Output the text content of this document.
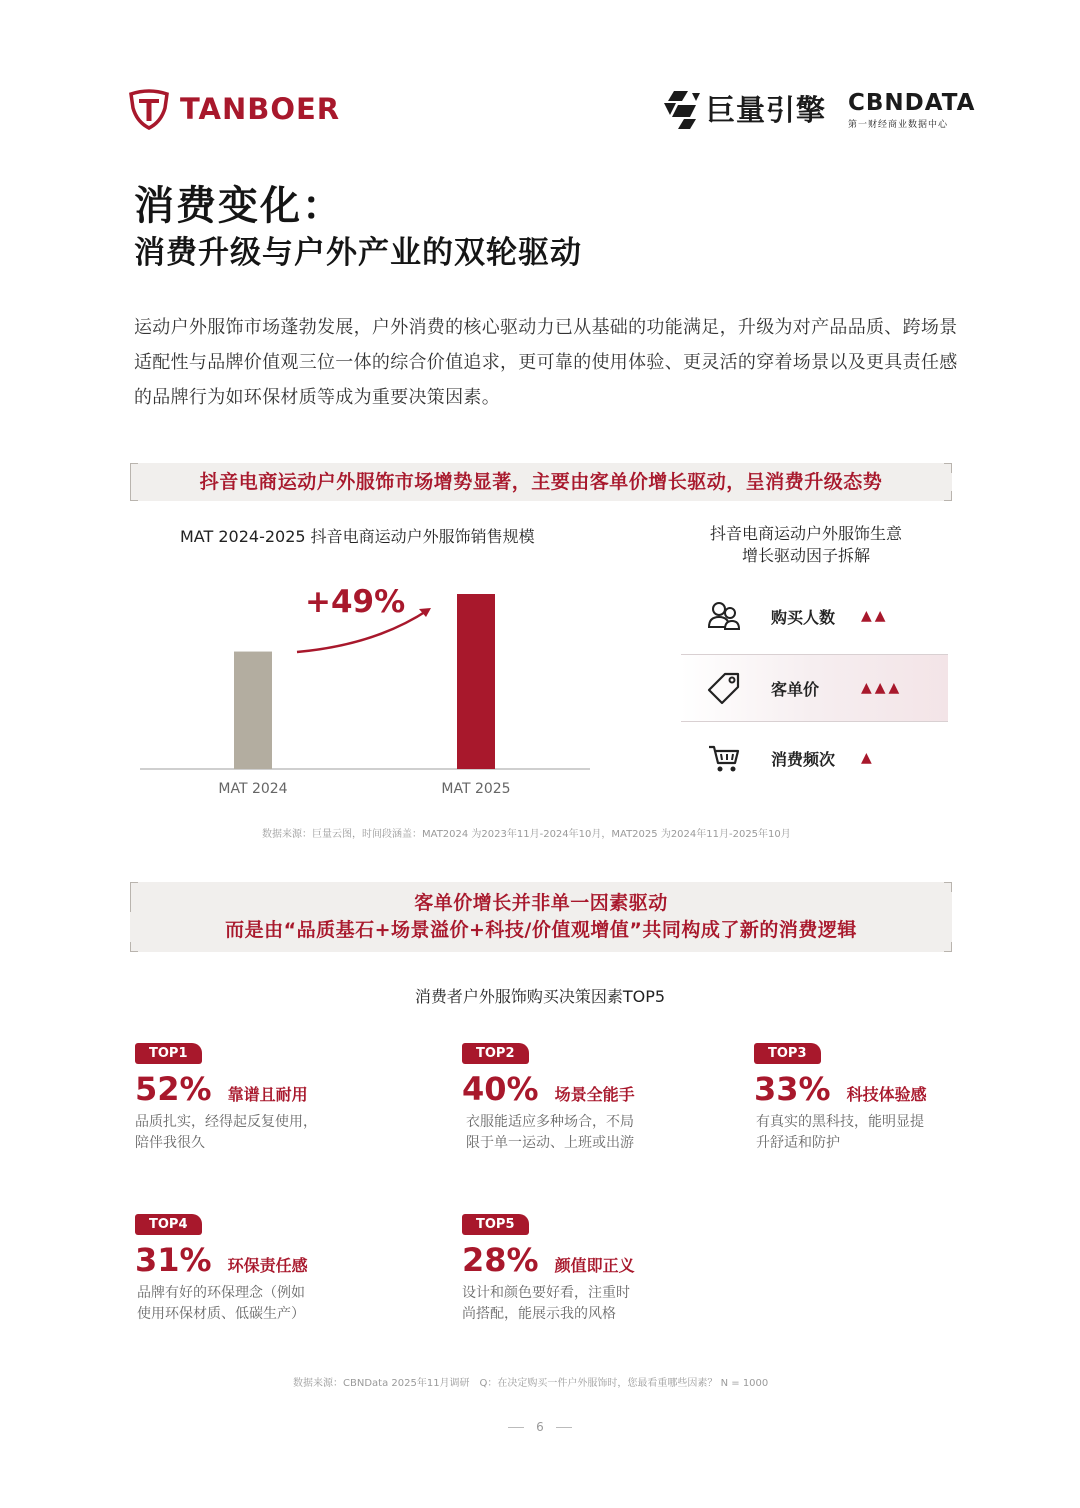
TANBOER	巨量引擎 CBNDATA
第一财经商业数据中心
消费变化：
消费升级与户外产业的双轮驱动
运动户外服饰市场蓬勃发展，户外消费的核心驱动力已从基础的功能满足，升级为对产品品质、跨场景适配性与品牌价值观三位一体的综合价值追求，更可靠的使用体验、更灵活的穿着场景以及更具责任感的品牌行为如环保材质等成为重要决策因素。
抖音电商运动户外服饰市场增势显著，主要由客单价增长驱动，呈消费升级态势
MAT 2024-2025 抖音电商运动户外服饰销售规模
+49%
MAT 2024	MAT 2025
抖音电商运动户外服饰生意
增长驱动因子拆解
购买人数	▲▲
客单价	▲▲▲
消费频次	▲
数据来源：巨量云图，时间段涵盖：MAT2024 为2023年11月-2024年10月，MAT2025 为2024年11月-2025年10月
客单价增长并非单一因素驱动
而是由“品质基石+场景溢价+科技/价值观增值”共同构成了新的消费逻辑
消费者户外服饰购买决策因素TOP5
TOP1
52% 靠谱且耐用
品质扎实，经得起反复使用，
陪伴我很久
TOP2
40% 场景全能手
衣服能适应多种场合，不局
限于单一运动、上班或出游
TOP3
33% 科技体验感
有真实的黑科技，能明显提
升舒适和防护
TOP4
31% 环保责任感
品牌有好的环保理念（例如
使用环保材质、低碳生产）
TOP5
28% 颜值即正义
设计和颜色要好看，注重时
尚搭配，能展示我的风格
数据来源：CBNData 2025年11月调研　Q：在决定购买一件户外服饰时，您最看重哪些因素？ N = 1000
6
